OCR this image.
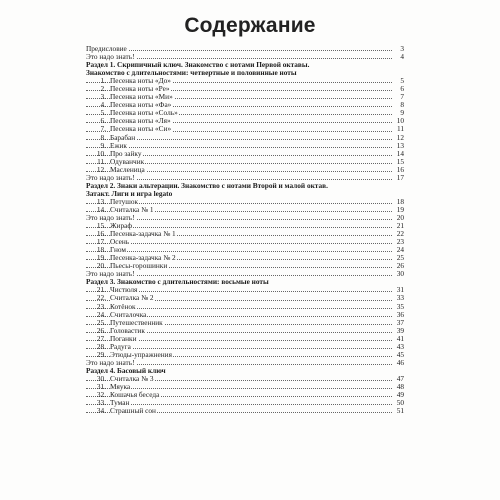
Содержание
Предисловие	3
Это надо знать!	4
Раздел 1. Скрипичный ключ. Знакомство с нотами Первой октавы.
Знакомство с длительностями: четвертные и половинные ноты
1. Песенка ноты «До»	5
2. Песенка ноты «Ре»	6
3. Песенка ноты «Ми»	7
4. Песенка ноты «Фа»	8
5. Песенка ноты «Соль»	9
6. Песенка ноты «Ля»	10
7. Песенка ноты «Си»	11
8. Барабан	12
9. Ежик	13
10. Про зайку	14
11. Одуванчик	15
12. Масленица	16
Это надо знать!	17
Раздел 2. Знаки альтерации. Знакомство с нотами Второй и малой октав.
Затакт. Лиги и игра legato
13. Петушок	18
14. Считалка № 1	19
Это надо знать!	20
15. Жираф	21
16. Песенка-задачка № 1	22
17. Осень	23
18. Гном	24
19. Песенка-задачка № 2	25
20. Пьесы-горошинки	26
Это надо знать!	30
Раздел 3. Знакомство с длительностями: восьмые ноты
21. Чистюля	31
22. Считалка № 2	33
23. Котёнок	35
24. Считалочка	36
25. Путешественник	37
26. Головастик	39
27. Поганки	41
28. Радуга	43
29. Этюды-упражнения	45
Это надо знать!	46
Раздел 4. Басовый ключ
30. Считалка № 3	47
31. Мяука	48
32. Кошачья беседа	49
33. Туман	50
34. Страшный сон	51
